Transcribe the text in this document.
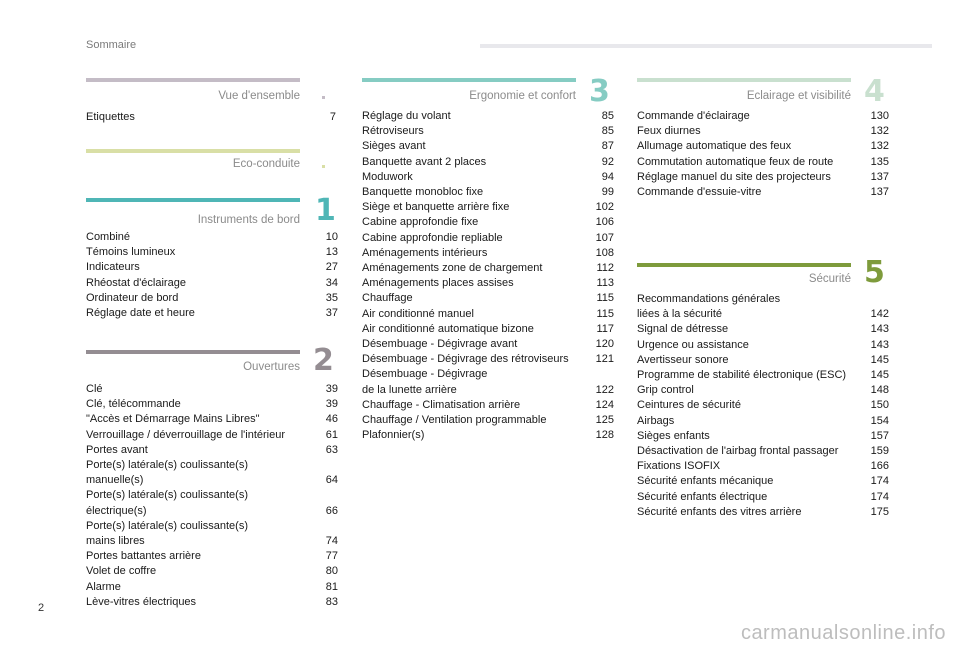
Sommaire
Vue d'ensemble
Etiquettes	7
Eco-conduite
Instruments de bord 1
Combiné	10
Témoins lumineux	13
Indicateurs	27
Rhéostat d'éclairage	34
Ordinateur de bord	35
Réglage date et heure	37
Ouvertures 2
Clé	39
Clé, télécommande	39
"Accès et Démarrage Mains Libres"	46
Verrouillage / déverrouillage de l'intérieur	61
Portes avant	63
Porte(s) latérale(s) coulissante(s)
manuelle(s)	64
Porte(s) latérale(s) coulissante(s)
électrique(s)	66
Porte(s) latérale(s) coulissante(s)
mains libres	74
Portes battantes arrière	77
Volet de coffre	80
Alarme	81
Lève-vitres électriques	83
Ergonomie et confort 3
Réglage du volant	85
Rétroviseurs	85
Sièges avant	87
Banquette avant 2 places	92
Moduwork	94
Banquette monobloc fixe	99
Siège et banquette arrière fixe	102
Cabine approfondie fixe	106
Cabine approfondie repliable	107
Aménagements intérieurs	108
Aménagements zone de chargement	112
Aménagements places assises	113
Chauffage	115
Air conditionné manuel	115
Air conditionné automatique bizone	117
Désembuage - Dégivrage avant	120
Désembuage - Dégivrage des rétroviseurs	121
Désembuage - Dégivrage
de la lunette arrière	122
Chauffage - Climatisation arrière	124
Chauffage / Ventilation programmable	125
Plafonnier(s)	128
Eclairage et visibilité 4
Commande d'éclairage	130
Feux diurnes	132
Allumage automatique des feux	132
Commutation automatique feux de route	135
Réglage manuel du site des projecteurs	137
Commande d'essuie-vitre	137
Sécurité 5
Recommandations générales
liées à la sécurité	142
Signal de détresse	143
Urgence ou assistance	143
Avertisseur sonore	145
Programme de stabilité électronique (ESC)	145
Grip control	148
Ceintures de sécurité	150
Airbags	154
Sièges enfants	157
Désactivation de l'airbag frontal passager	159
Fixations ISOFIX	166
Sécurité enfants mécanique	174
Sécurité enfants électrique	174
Sécurité enfants des vitres arrière	175
2
carmanualsonline.info
